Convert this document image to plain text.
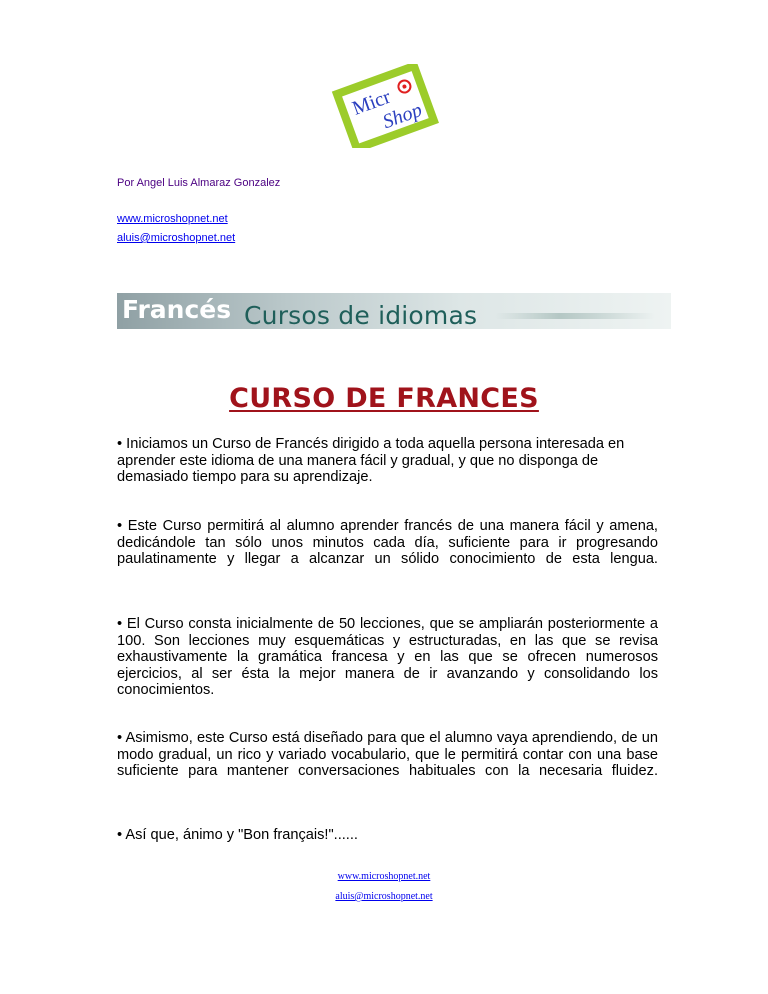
Micr
Shop

Por Angel Luis Almaraz Gonzalez

www.microshopnet.net

aluis@microshopnet.net

Cursos de idiomas
Francés
CURSO DE FRANCES

• Iniciamos un Curso de Francés dirigido a toda aquella persona interesada en aprender este idioma de una manera fácil y gradual, y que no disponga de demasiado tiempo para su aprendizaje.

• Este Curso permitirá al alumno aprender francés de una manera fácil y amena, dedicándole tan sólo unos minutos cada día, suficiente para ir progresando paulatinamente y llegar a alcanzar un sólido conocimiento de esta lengua.

• El Curso consta inicialmente de 50 lecciones, que se ampliarán posteriormente a 100. Son lecciones muy esquemáticas y estructuradas, en las que se revisa exhaustivamente la gramática francesa y en las que se ofrecen numerosos ejercicios, al ser ésta la mejor manera de ir avanzando y consolidando los conocimientos.

• Asimismo, este Curso está diseñado para que el alumno vaya aprendiendo, de un modo gradual, un rico y variado vocabulario, que le permitirá contar con una base suficiente para mantener conversaciones habituales con la necesaria fluidez.

• Así que, ánimo y "Bon français!"......

www.microshopnet.net

aluis@microshopnet.net
